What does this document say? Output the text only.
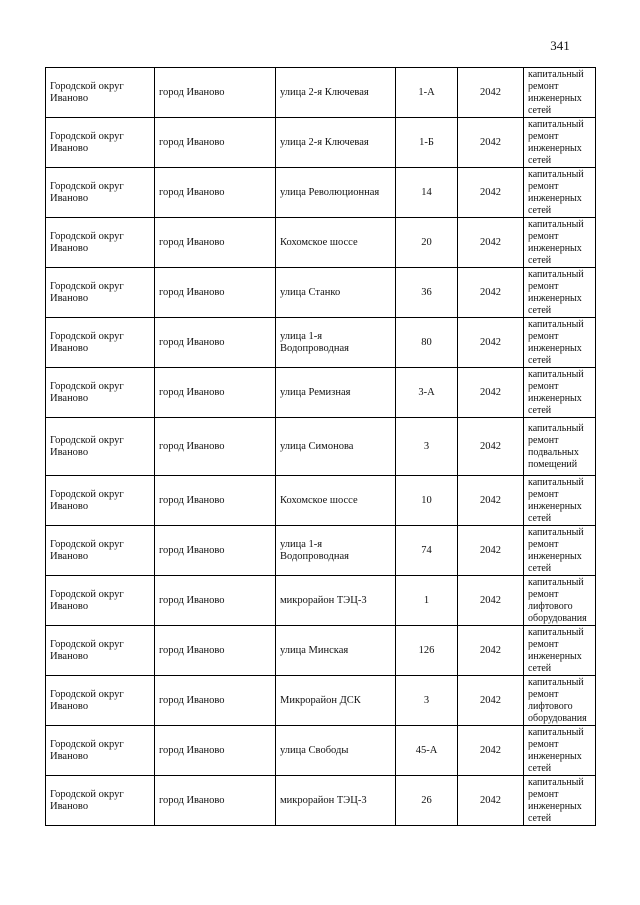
341
Городской округ Иваново	город Иваново	улица 2-я Ключевая	1-А	2042	капитальный ремонт инженерных сетей
Городской округ Иваново	город Иваново	улица 2-я Ключевая	1-Б	2042	капитальный ремонт инженерных сетей
Городской округ Иваново	город Иваново	улица Революционная	14	2042	капитальный ремонт инженерных сетей
Городской округ Иваново	город Иваново	Кохомское шоссе	20	2042	капитальный ремонт инженерных сетей
Городской округ Иваново	город Иваново	улица Станко	36	2042	капитальный ремонт инженерных сетей
Городской округ Иваново	город Иваново	улица 1-я Водопроводная	80	2042	капитальный ремонт инженерных сетей
Городской округ Иваново	город Иваново	улица Ремизная	3-А	2042	капитальный ремонт инженерных сетей
Городской округ Иваново	город Иваново	улица Симонова	3	2042	капитальный ремонт подвальных помещений
Городской округ Иваново	город Иваново	Кохомское шоссе	10	2042	капитальный ремонт инженерных сетей
Городской округ Иваново	город Иваново	улица 1-я Водопроводная	74	2042	капитальный ремонт инженерных сетей
Городской округ Иваново	город Иваново	микрорайон ТЭЦ-3	1	2042	капитальный ремонт лифтового оборудования
Городской округ Иваново	город Иваново	улица Минская	126	2042	капитальный ремонт инженерных сетей
Городской округ Иваново	город Иваново	Микрорайон ДСК	3	2042	капитальный ремонт лифтового оборудования
Городской округ Иваново	город Иваново	улица Свободы	45-А	2042	капитальный ремонт инженерных сетей
Городской округ Иваново	город Иваново	микрорайон ТЭЦ-3	26	2042	капитальный ремонт инженерных сетей
